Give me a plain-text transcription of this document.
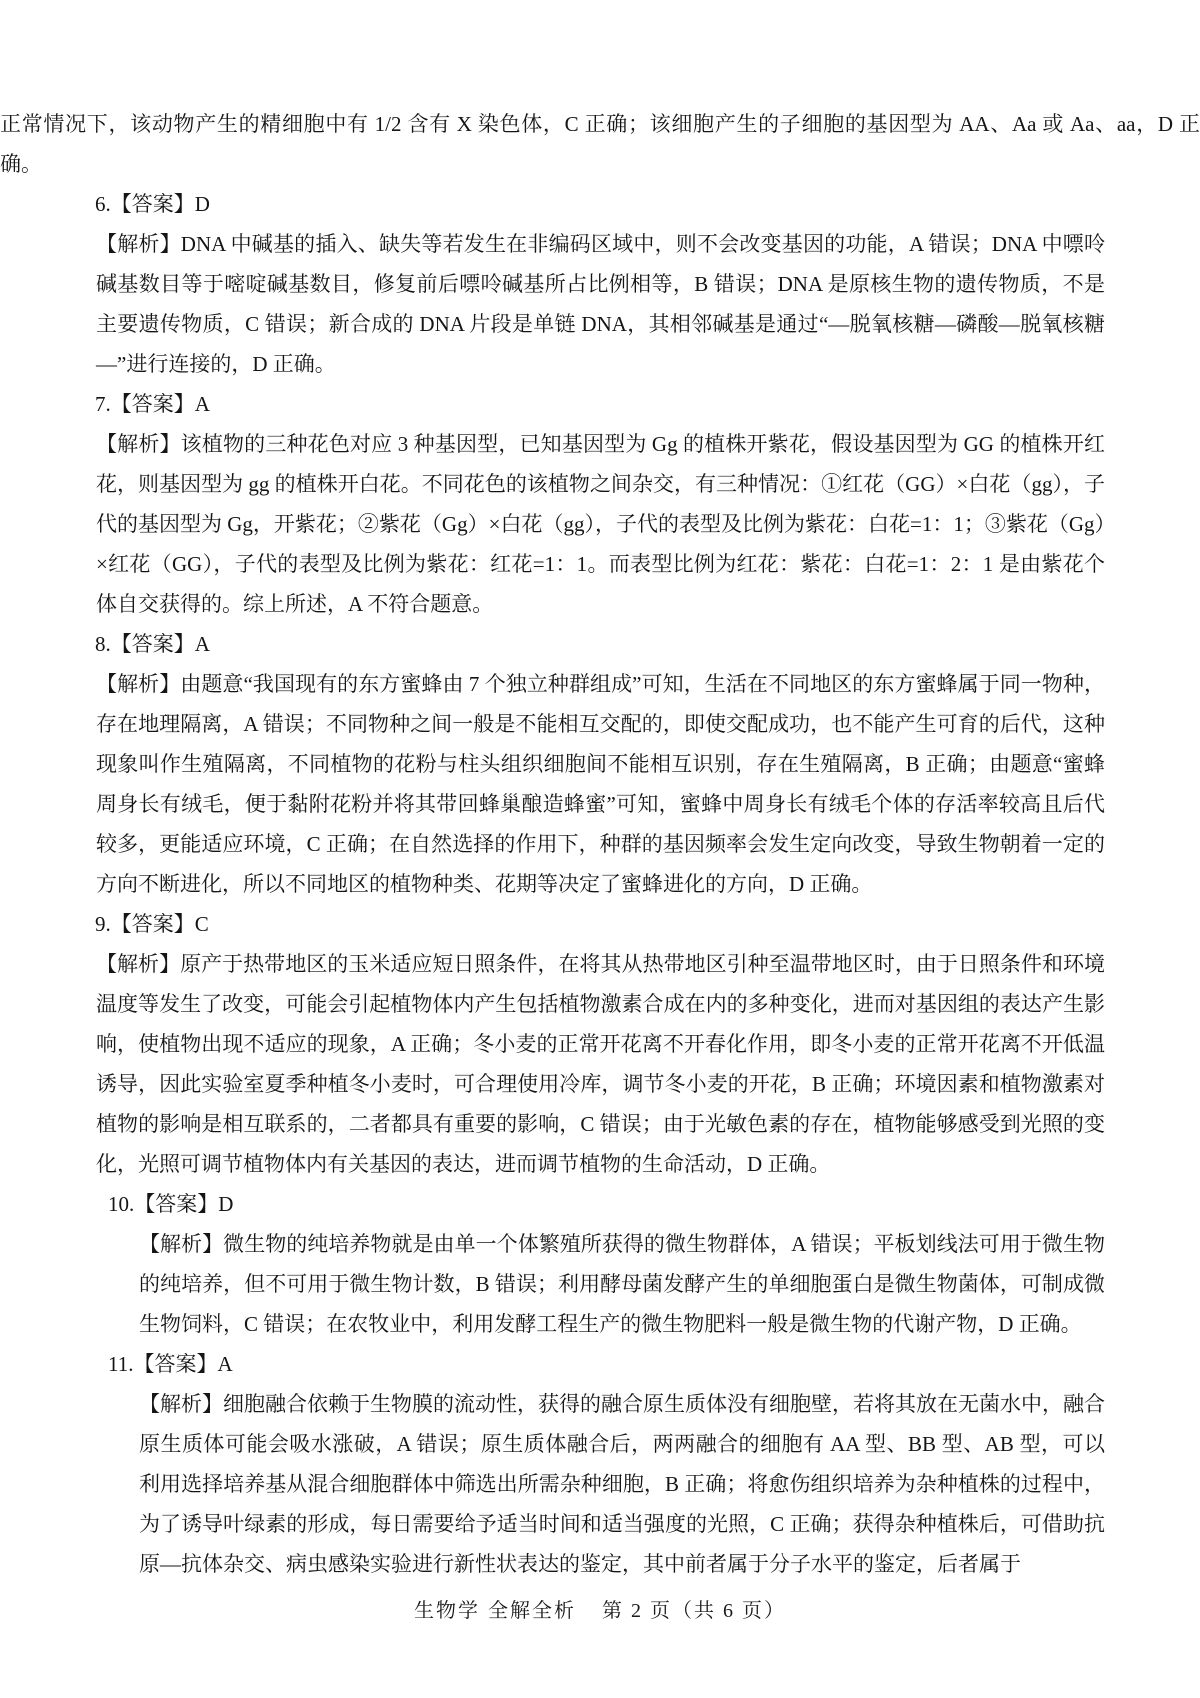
正常情况下，该动物产生的精细胞中有 1/2 含有 X 染色体，C 正确；该细胞产生的子细胞的基因型为 AA、Aa 或 Aa、aa，D 正确。

6.【答案】D

【解析】DNA 中碱基的插入、缺失等若发生在非编码区域中，则不会改变基因的功能，A 错误；DNA 中嘌呤碱基数目等于嘧啶碱基数目，修复前后嘌呤碱基所占比例相等，B 错误；DNA 是原核生物的遗传物质，不是主要遗传物质，C 错误；新合成的 DNA 片段是单链 DNA，其相邻碱基是通过“—脱氧核糖—磷酸—脱氧核糖—”进行连接的，D 正确。

7.【答案】A

【解析】该植物的三种花色对应 3 种基因型，已知基因型为 Gg 的植株开紫花，假设基因型为 GG 的植株开红花，则基因型为 gg 的植株开白花。不同花色的该植物之间杂交，有三种情况：①红花（GG）×白花（gg），子代的基因型为 Gg，开紫花；②紫花（Gg）×白花（gg），子代的表型及比例为紫花：白花=1：1；③紫花（Gg）×红花（GG），子代的表型及比例为紫花：红花=1：1。而表型比例为红花：紫花：白花=1：2：1 是由紫花个体自交获得的。综上所述，A 不符合题意。

8.【答案】A

【解析】由题意“我国现有的东方蜜蜂由 7 个独立种群组成”可知，生活在不同地区的东方蜜蜂属于同一物种，存在地理隔离，A 错误；不同物种之间一般是不能相互交配的，即使交配成功，也不能产生可育的后代，这种现象叫作生殖隔离，不同植物的花粉与柱头组织细胞间不能相互识别，存在生殖隔离，B 正确；由题意“蜜蜂周身长有绒毛，便于黏附花粉并将其带回蜂巢酿造蜂蜜”可知，蜜蜂中周身长有绒毛个体的存活率较高且后代较多，更能适应环境，C 正确；在自然选择的作用下，种群的基因频率会发生定向改变，导致生物朝着一定的方向不断进化，所以不同地区的植物种类、花期等决定了蜜蜂进化的方向，D 正确。

9.【答案】C

【解析】原产于热带地区的玉米适应短日照条件，在将其从热带地区引种至温带地区时，由于日照条件和环境温度等发生了改变，可能会引起植物体内产生包括植物激素合成在内的多种变化，进而对基因组的表达产生影响，使植物出现不适应的现象，A 正确；冬小麦的正常开花离不开春化作用，即冬小麦的正常开花离不开低温诱导，因此实验室夏季种植冬小麦时，可合理使用冷库，调节冬小麦的开花，B 正确；环境因素和植物激素对植物的影响是相互联系的，二者都具有重要的影响，C 错误；由于光敏色素的存在，植物能够感受到光照的变化，光照可调节植物体内有关基因的表达，进而调节植物的生命活动，D 正确。

10.【答案】D

【解析】微生物的纯培养物就是由单一个体繁殖所获得的微生物群体，A 错误；平板划线法可用于微生物的纯培养，但不可用于微生物计数，B 错误；利用酵母菌发酵产生的单细胞蛋白是微生物菌体，可制成微生物饲料，C 错误；在农牧业中，利用发酵工程生产的微生物肥料一般是微生物的代谢产物，D 正确。

11.【答案】A

【解析】细胞融合依赖于生物膜的流动性，获得的融合原生质体没有细胞壁，若将其放在无菌水中，融合原生质体可能会吸水涨破，A 错误；原生质体融合后，两两融合的细胞有 AA 型、BB 型、AB 型，可以利用选择培养基从混合细胞群体中筛选出所需杂种细胞，B 正确；将愈伤组织培养为杂种植株的过程中，为了诱导叶绿素的形成，每日需要给予适当时间和适当强度的光照，C 正确；获得杂种植株后，可借助抗原—抗体杂交、病虫感染实验进行新性状表达的鉴定，其中前者属于分子水平的鉴定，后者属于

生物学 全解全析 第 2 页（共 6 页）
